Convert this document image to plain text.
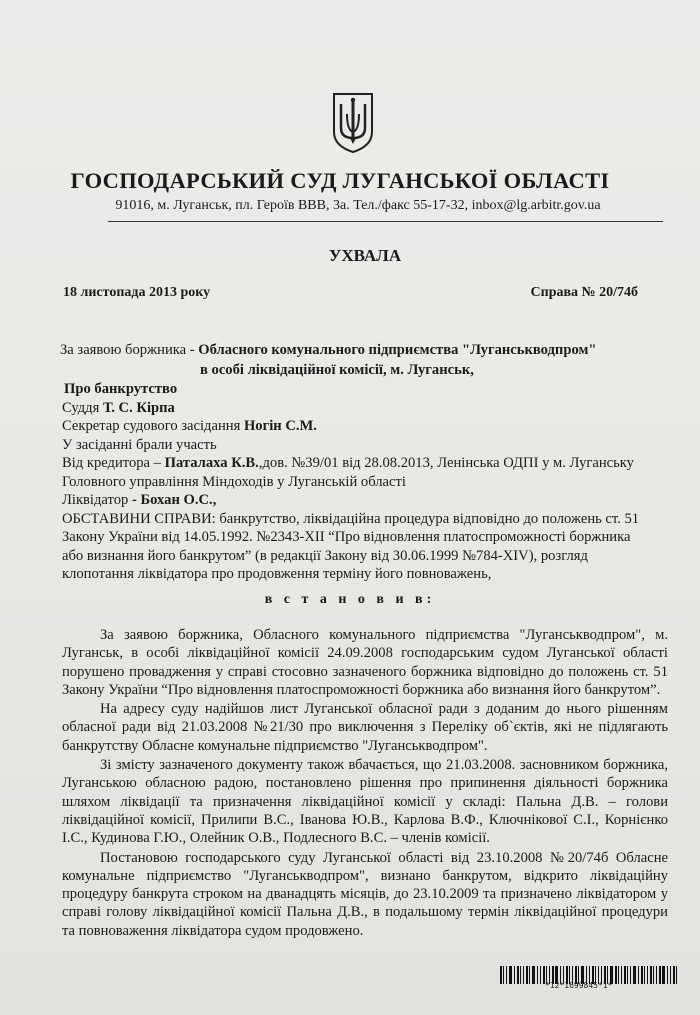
ГОСПОДАРСЬКИЙ СУД ЛУГАНСЬКОЇ ОБЛАСТІ
91016, м. Луганськ, пл. Героїв ВВВ, 3а. Тел./факс 55-17-32, inbox@lg.arbitr.gov.ua
УХВАЛА
18 листопада 2013 року	Справа № 20/74б
За заявою боржника - Обласного комунального підприємства "Луганськводпром"
в особі ліквідаційної комісії, м. Луганськ,
Про банкрутство
Суддя Т. С. Кірпа
Секретар судового засідання Ногін С.М.
У засіданні брали участь
Від кредитора – Паталаха К.В.,дов. №39/01 від 28.08.2013, Ленінська ОДПІ у м. Луганську
Головного управління Міндоходів у Луганській області
Ліквідатор - Бохан О.С.,
ОБСТАВИНИ СПРАВИ: банкрутство, ліквідаційна процедура відповідно до положень ст. 51
Закону України від 14.05.1992. №2343-XII “Про відновлення платоспроможності боржника
або визнання його банкрутом” (в редакції Закону від 30.06.1999 №784-XIV), розгляд
клопотання ліквідатора про продовження терміну його повноважень,
в с т а н о в и в:

За заявою боржника, Обласного комунального підприємства "Луганськводпром", м. Луганськ, в особі ліквідаційної комісії 24.09.2008 господарським судом Луганської області порушено провадження у справі стосовно зазначеного боржника відповідно до положень ст. 51 Закону України “Про відновлення платоспроможності боржника або визнання його банкрутом”.

На адресу суду надійшов лист Луганської обласної ради з доданим до нього рішенням обласної ради від 21.03.2008 №21/30 про виключення з Переліку об`єктів, які не підлягають банкрутству Обласне комунальне підприємство "Луганськводпром".

Зі змісту зазначеного документу також вбачається, що 21.03.2008. засновником боржника, Луганською обласною радою, постановлено рішення про припинення діяльності боржника шляхом ліквідації та призначення ліквідаційної комісії у складі: Пальна Д.В. – голови ліквідаційної комісії, Прилипи В.С., Іванова Ю.В., Карлова В.Ф., Ключнікової С.І., Корнієнко І.С., Кудинова Г.Ю., Олейник О.В., Подлесного В.С. – членів комісії.

Постановою господарського суду Луганської області від 23.10.2008 №20/74б Обласне комунальне підприємство "Луганськводпром", визнано банкрутом, відкрито ліквідаційну процедуру банкрута строком на дванадцять місяців, до 23.10.2009 та призначено ліквідатором у справі голову ліквідаційної комісії Пальна Д.В., в подальшому термін ліквідаційної процедури та повноваження ліквідатора судом продовжено.

*12*1699845*1*
